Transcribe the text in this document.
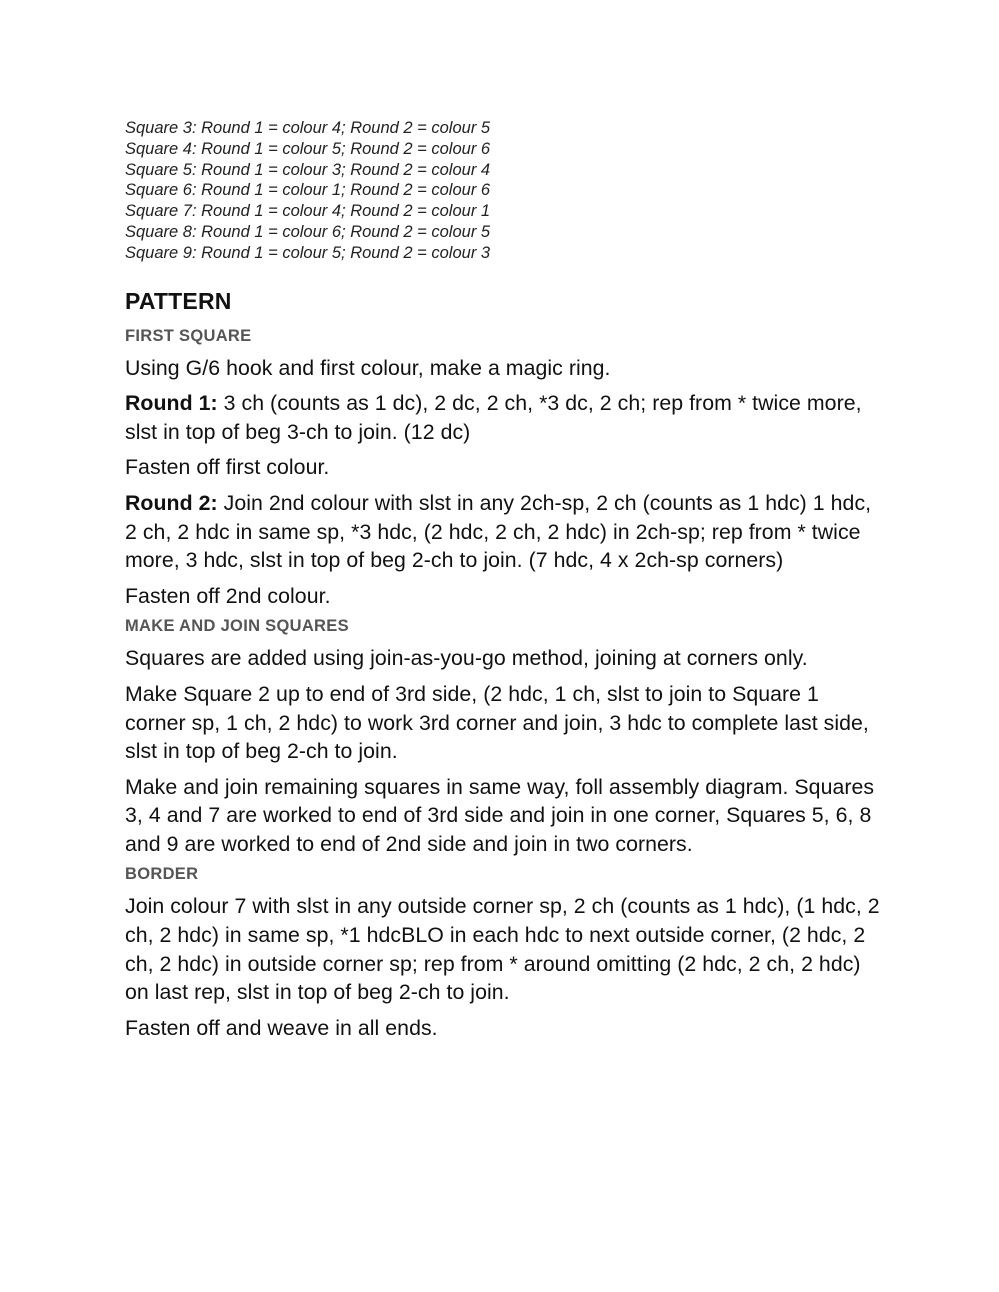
Square 3: Round 1 = colour 4; Round 2 = colour 5
Square 4: Round 1 = colour 5; Round 2 = colour 6
Square 5: Round 1 = colour 3; Round 2 = colour 4
Square 6: Round 1 = colour 1; Round 2 = colour 6
Square 7: Round 1 = colour 4; Round 2 = colour 1
Square 8: Round 1 = colour 6; Round 2 = colour 5
Square 9: Round 1 = colour 5; Round 2 = colour 3
PATTERN
FIRST SQUARE

Using G/6 hook and first colour, make a magic ring.

Round 1: 3 ch (counts as 1 dc), 2 dc, 2 ch, *3 dc, 2 ch; rep from * twice more, slst in top of beg 3-ch to join. (12 dc)

Fasten off first colour.

Round 2: Join 2nd colour with slst in any 2ch-sp, 2 ch (counts as 1 hdc) 1 hdc, 2 ch, 2 hdc in same sp, *3 hdc, (2 hdc, 2 ch, 2 hdc) in 2ch-sp; rep from * twice more, 3 hdc, slst in top of beg 2-ch to join. (7 hdc, 4 x 2ch-sp corners)

Fasten off 2nd colour.

MAKE AND JOIN SQUARES

Squares are added using join-as-you-go method, joining at corners only.

Make Square 2 up to end of 3rd side, (2 hdc, 1 ch, slst to join to Square 1 corner sp, 1 ch, 2 hdc) to work 3rd corner and join, 3 hdc to complete last side, slst in top of beg 2-ch to join.

Make and join remaining squares in same way, foll assembly diagram. Squares 3, 4 and 7 are worked to end of 3rd side and join in one corner, Squares 5, 6, 8 and 9 are worked to end of 2nd side and join in two corners.

BORDER

Join colour 7 with slst in any outside corner sp, 2 ch (counts as 1 hdc), (1 hdc, 2 ch, 2 hdc) in same sp, *1 hdcBLO in each hdc to next outside corner, (2 hdc, 2 ch, 2 hdc) in outside corner sp; rep from * around omitting (2 hdc, 2 ch, 2 hdc) on last rep, slst in top of beg 2-ch to join.

Fasten off and weave in all ends.
